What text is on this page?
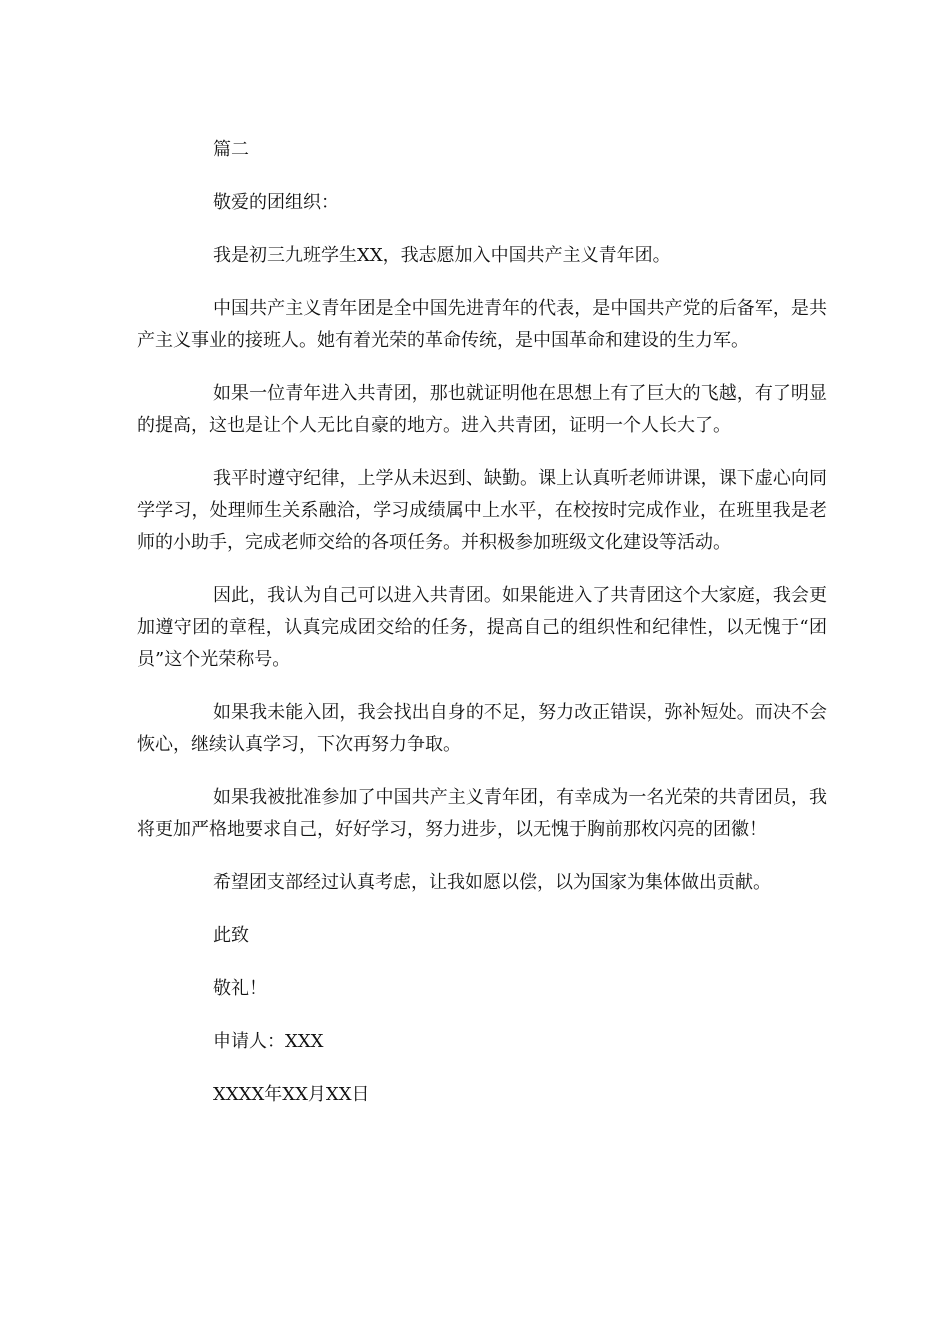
篇二

敬爱的团组织：

我是初三九班学生XX，我志愿加入中国共产主义青年团。

中国共产主义青年团是全中国先进青年的代表，是中国共产党的后备军，是共产主义事业的接班人。她有着光荣的革命传统，是中国革命和建设的生力军。

如果一位青年进入共青团，那也就证明他在思想上有了巨大的飞越，有了明显的提高，这也是让个人无比自豪的地方。进入共青团，证明一个人长大了。

我平时遵守纪律，上学从未迟到、缺勤。课上认真听老师讲课，课下虚心向同学学习，处理师生关系融洽，学习成绩属中上水平，在校按时完成作业，在班里我是老师的小助手，完成老师交给的各项任务。并积极参加班级文化建设等活动。

因此，我认为自己可以进入共青团。如果能进入了共青团这个大家庭，我会更加遵守团的章程，认真完成团交给的任务，提高自己的组织性和纪律性，以无愧于“团员”这个光荣称号。

如果我未能入团，我会找出自身的不足，努力改正错误，弥补短处。而决不会恢心，继续认真学习，下次再努力争取。

如果我被批准参加了中国共产主义青年团，有幸成为一名光荣的共青团员，我将更加严格地要求自己，好好学习，努力进步，以无愧于胸前那枚闪亮的团徽！

希望团支部经过认真考虑，让我如愿以偿，以为国家为集体做出贡献。

此致

敬礼！

申请人：XXX

XXXX年XX月XX日
